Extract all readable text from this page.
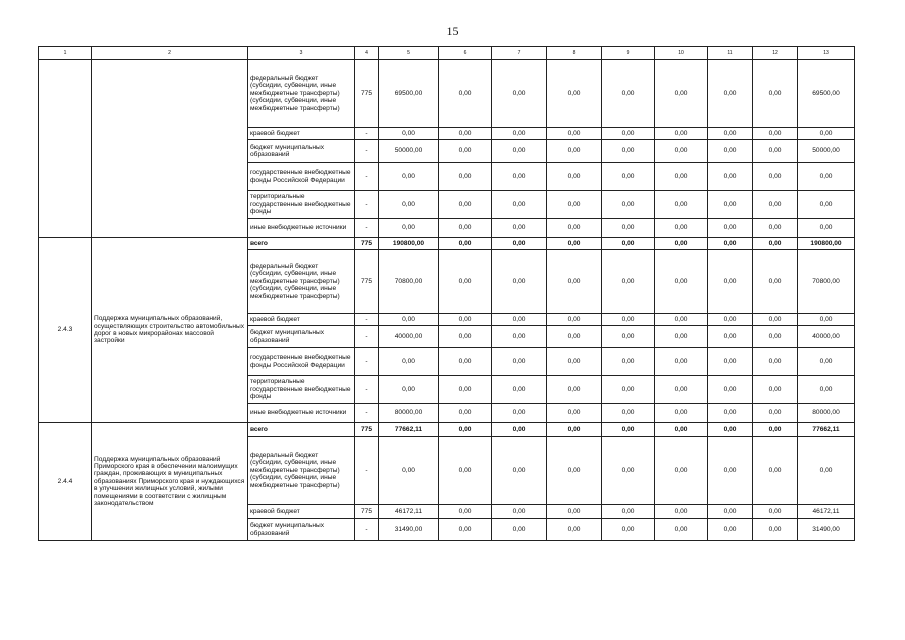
15
1	2	3	4	5	6	7	8	9	10	11	12	13
		федеральный бюджет (субсидии, субвенции, иные межбюджетные трансферты) (субсидии, субвенции, иные межбюджетные трансферты)	775	69500,00	0,00	0,00	0,00	0,00	0,00	0,00	0,00	69500,00
		краевой бюджет	-	0,00	0,00	0,00	0,00	0,00	0,00	0,00	0,00	0,00
		бюджет муниципальных образований	-	50000,00	0,00	0,00	0,00	0,00	0,00	0,00	0,00	50000,00
		государственные внебюджетные фонды Российской Федерации	-	0,00	0,00	0,00	0,00	0,00	0,00	0,00	0,00	0,00
		территориальные государственные внебюджетные фонды	-	0,00	0,00	0,00	0,00	0,00	0,00	0,00	0,00	0,00
		иные внебюджетные источники	-	0,00	0,00	0,00	0,00	0,00	0,00	0,00	0,00	0,00
2.4.3	Поддержка муниципальных образований, осуществляющих строительство автомобильных дорог в новых микрорайонах массовой застройки	всего	775	190800,00	0,00	0,00	0,00	0,00	0,00	0,00	0,00	190800,00
		федеральный бюджет (субсидии, субвенции, иные межбюджетные трансферты) (субсидии, субвенции, иные межбюджетные трансферты)	775	70800,00	0,00	0,00	0,00	0,00	0,00	0,00	0,00	70800,00
		краевой бюджет	-	0,00	0,00	0,00	0,00	0,00	0,00	0,00	0,00	0,00
		бюджет муниципальных образований	-	40000,00	0,00	0,00	0,00	0,00	0,00	0,00	0,00	40000,00
		государственные внебюджетные фонды Российской Федерации	-	0,00	0,00	0,00	0,00	0,00	0,00	0,00	0,00	0,00
		территориальные государственные внебюджетные фонды	-	0,00	0,00	0,00	0,00	0,00	0,00	0,00	0,00	0,00
		иные внебюджетные источники	-	80000,00	0,00	0,00	0,00	0,00	0,00	0,00	0,00	80000,00
2.4.4	Поддержка муниципальных образований Приморского края в обеспечении малоимущих граждан, проживающих в муниципальных образованиях Приморского края и нуждающихся в улучшении жилищных условий, жилыми помещениями в соответствии с жилищным законодательством	всего	775	77662,11	0,00	0,00	0,00	0,00	0,00	0,00	0,00	77662,11
		федеральный бюджет (субсидии, субвенции, иные межбюджетные трансферты) (субсидии, субвенции, иные межбюджетные трансферты)	-	0,00	0,00	0,00	0,00	0,00	0,00	0,00	0,00	0,00
		краевой бюджет	775	46172,11	0,00	0,00	0,00	0,00	0,00	0,00	0,00	46172,11
		бюджет муниципальных образований	-	31490,00	0,00	0,00	0,00	0,00	0,00	0,00	0,00	31490,00
